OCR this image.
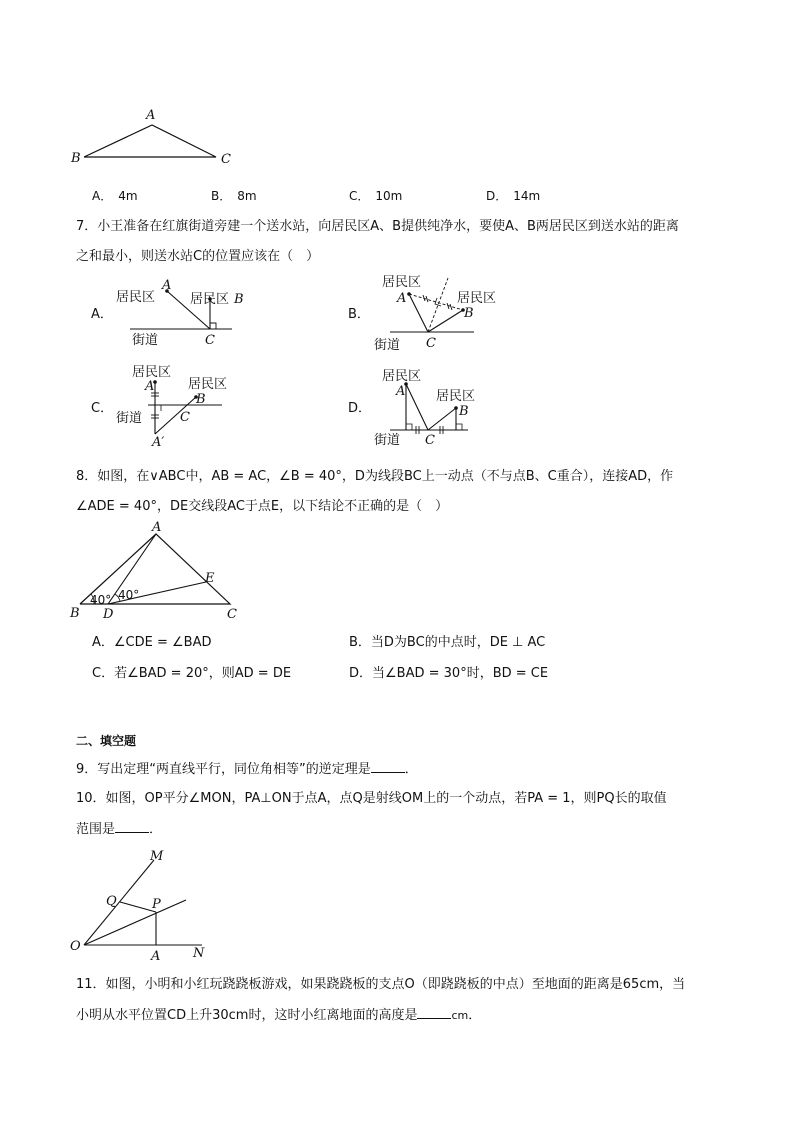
A
B	C
A． 4m	B． 8m	C． 10m	D． 14m
7．小王准备在红旗街道旁建一个送水站，向居民区A、B提供纯净水，要使A、B两居民区到送水站的距离
之和最小，则送水站C的位置应该在（　）
A．
居民区
A
居民区 B
街道	C
B．
居民区
A	居民区
B
街道 C
C．
居民区
A	居民区
B
街道	C
A′
D．
居民区
A 居民区
B
街道 C
8．如图，在∨ABC中，AB = AC，∠B = 40°，D为线段BC上一动点（不与点B、C重合），连接AD，作
∠ADE = 40°，DE交线段AC于点E，以下结论不正确的是（　）
A
B	C
D
E
40° 40°
A．∠CDE = ∠BAD	B．当D为BC的中点时，DE ⊥ AC
C．若∠BAD = 20°，则AD = DE	D．当∠BAD = 30°时，BD = CE
二、填空题
9．写出定理“两直线平行，同位角相等”的逆定理是	．
10．如图，OP平分∠MON，PA⊥ON于点A，点Q是射线OM上的一个动点，若PA = 1，则PQ长的取值
范围是	．
M
Q	P
O
A	N
11．如图，小明和小红玩跷跷板游戏，如果跷跷板的支点O（即跷跷板的中点）至地面的距离是65cm，当
小明从水平位置CD上升30cm时，这时小红离地面的高度是	cm．
